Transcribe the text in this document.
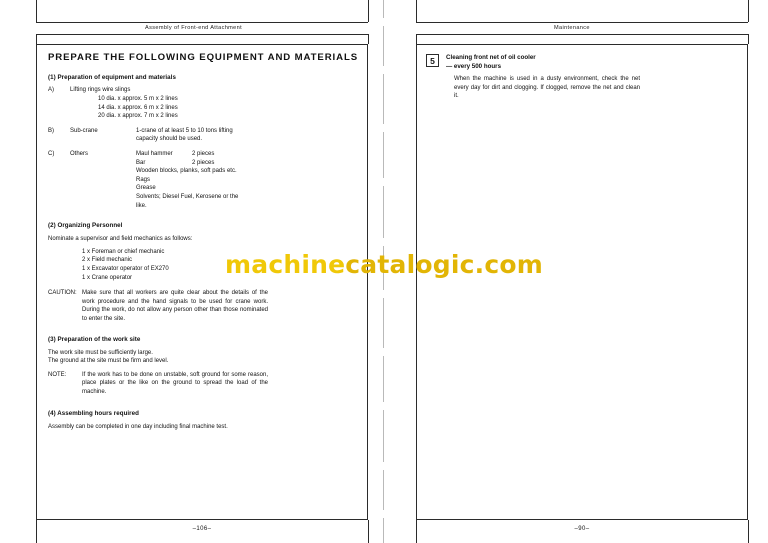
Assembly of Front-end Attachment
PREPARE THE FOLLOWING EQUIPMENT AND MATERIALS
(1) Preparation of equipment and materials
A)	Lifting rings wire slings
10 dia. x approx. 5 m x 2 lines
14 dia. x approx. 6 m x 2 lines
20 dia. x approx. 7 m x 2 lines
B)	Sub-crane	1-crane of at least 5 to 10 tons lifting
capacity should be used.
C)	Others	Maul hammer	2 pieces
Bar	2 pieces
Wooden blocks, planks, soft pads etc.
Rags
Grease
Solvents; Diesel Fuel, Kerosene or the
like.
(2) Organizing Personnel
Nominate a supervisor and field mechanics as follows:
1 x Foreman or chief mechanic
2 x Field mechanic
1 x Excavator operator of EX270
1 x Crane operator
CAUTION: Make sure that all workers are quite clear about the details of the work procedure and the hand signals to be used for crane work. During the work, do not allow any person other than those nominated to enter the site.
(3) Preparation of the work site
The work site must be sufficiently large.
The ground at the site must be firm and level.
NOTE:	If the work has to be done on unstable, soft ground for some reason, place plates or the like on the ground to spread the load of the machine.
(4) Assembling hours required
Assembly can be completed in one day including final machine test.
–106–
Maintenance
5	Cleaning front net of oil cooler
— every 500 hours
When the machine is used in a dusty environment, check the net every day for dirt and clogging. If clogged, remove the net and clean it.
–90–
machinecatalogic.com
